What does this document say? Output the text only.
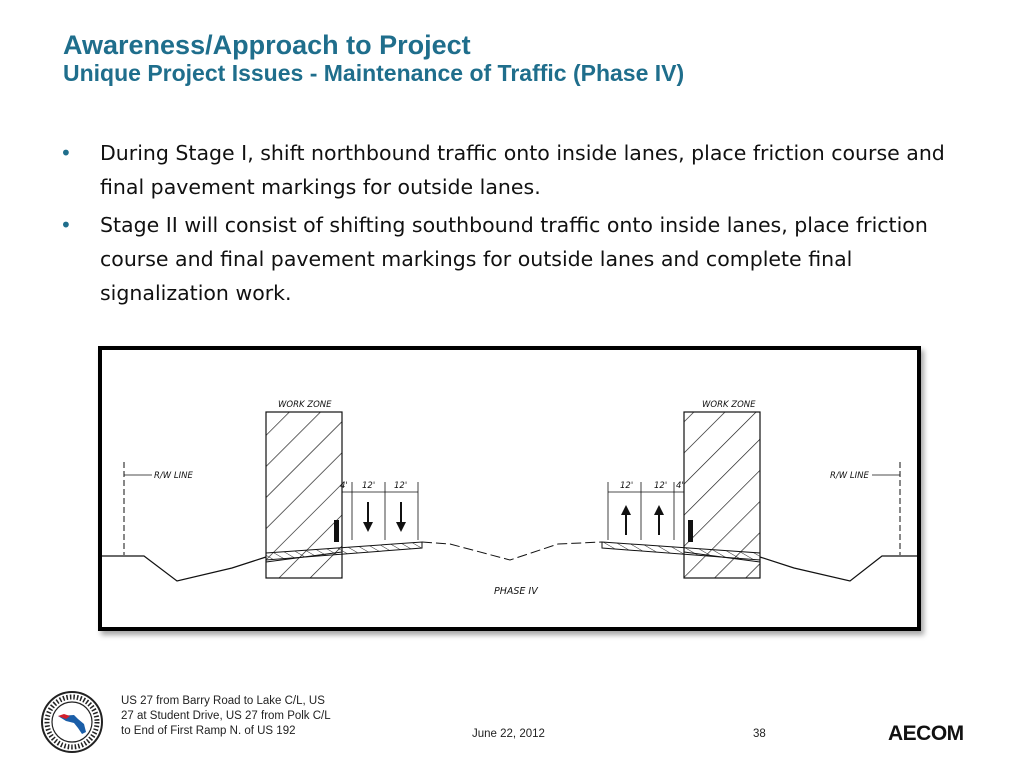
Awareness/Approach to Project
Unique Project Issues - Maintenance of Traffic (Phase IV)
• During Stage I, shift northbound traffic onto inside lanes, place friction course and final pavement markings for outside lanes.
• Stage II will consist of shifting southbound traffic onto inside lanes, place friction course and final pavement markings for outside lanes and complete final signalization work.
WORK ZONE	WORK ZONE
R/W LINE	R/W LINE
4' 12' 12'	12' 12' 4'
PHASE IV
US 27 from Barry Road to Lake C/L, US 27 at Student Drive, US 27 from Polk C/L to End of First Ramp N. of US 192	June 22, 2012	38	AECOM
